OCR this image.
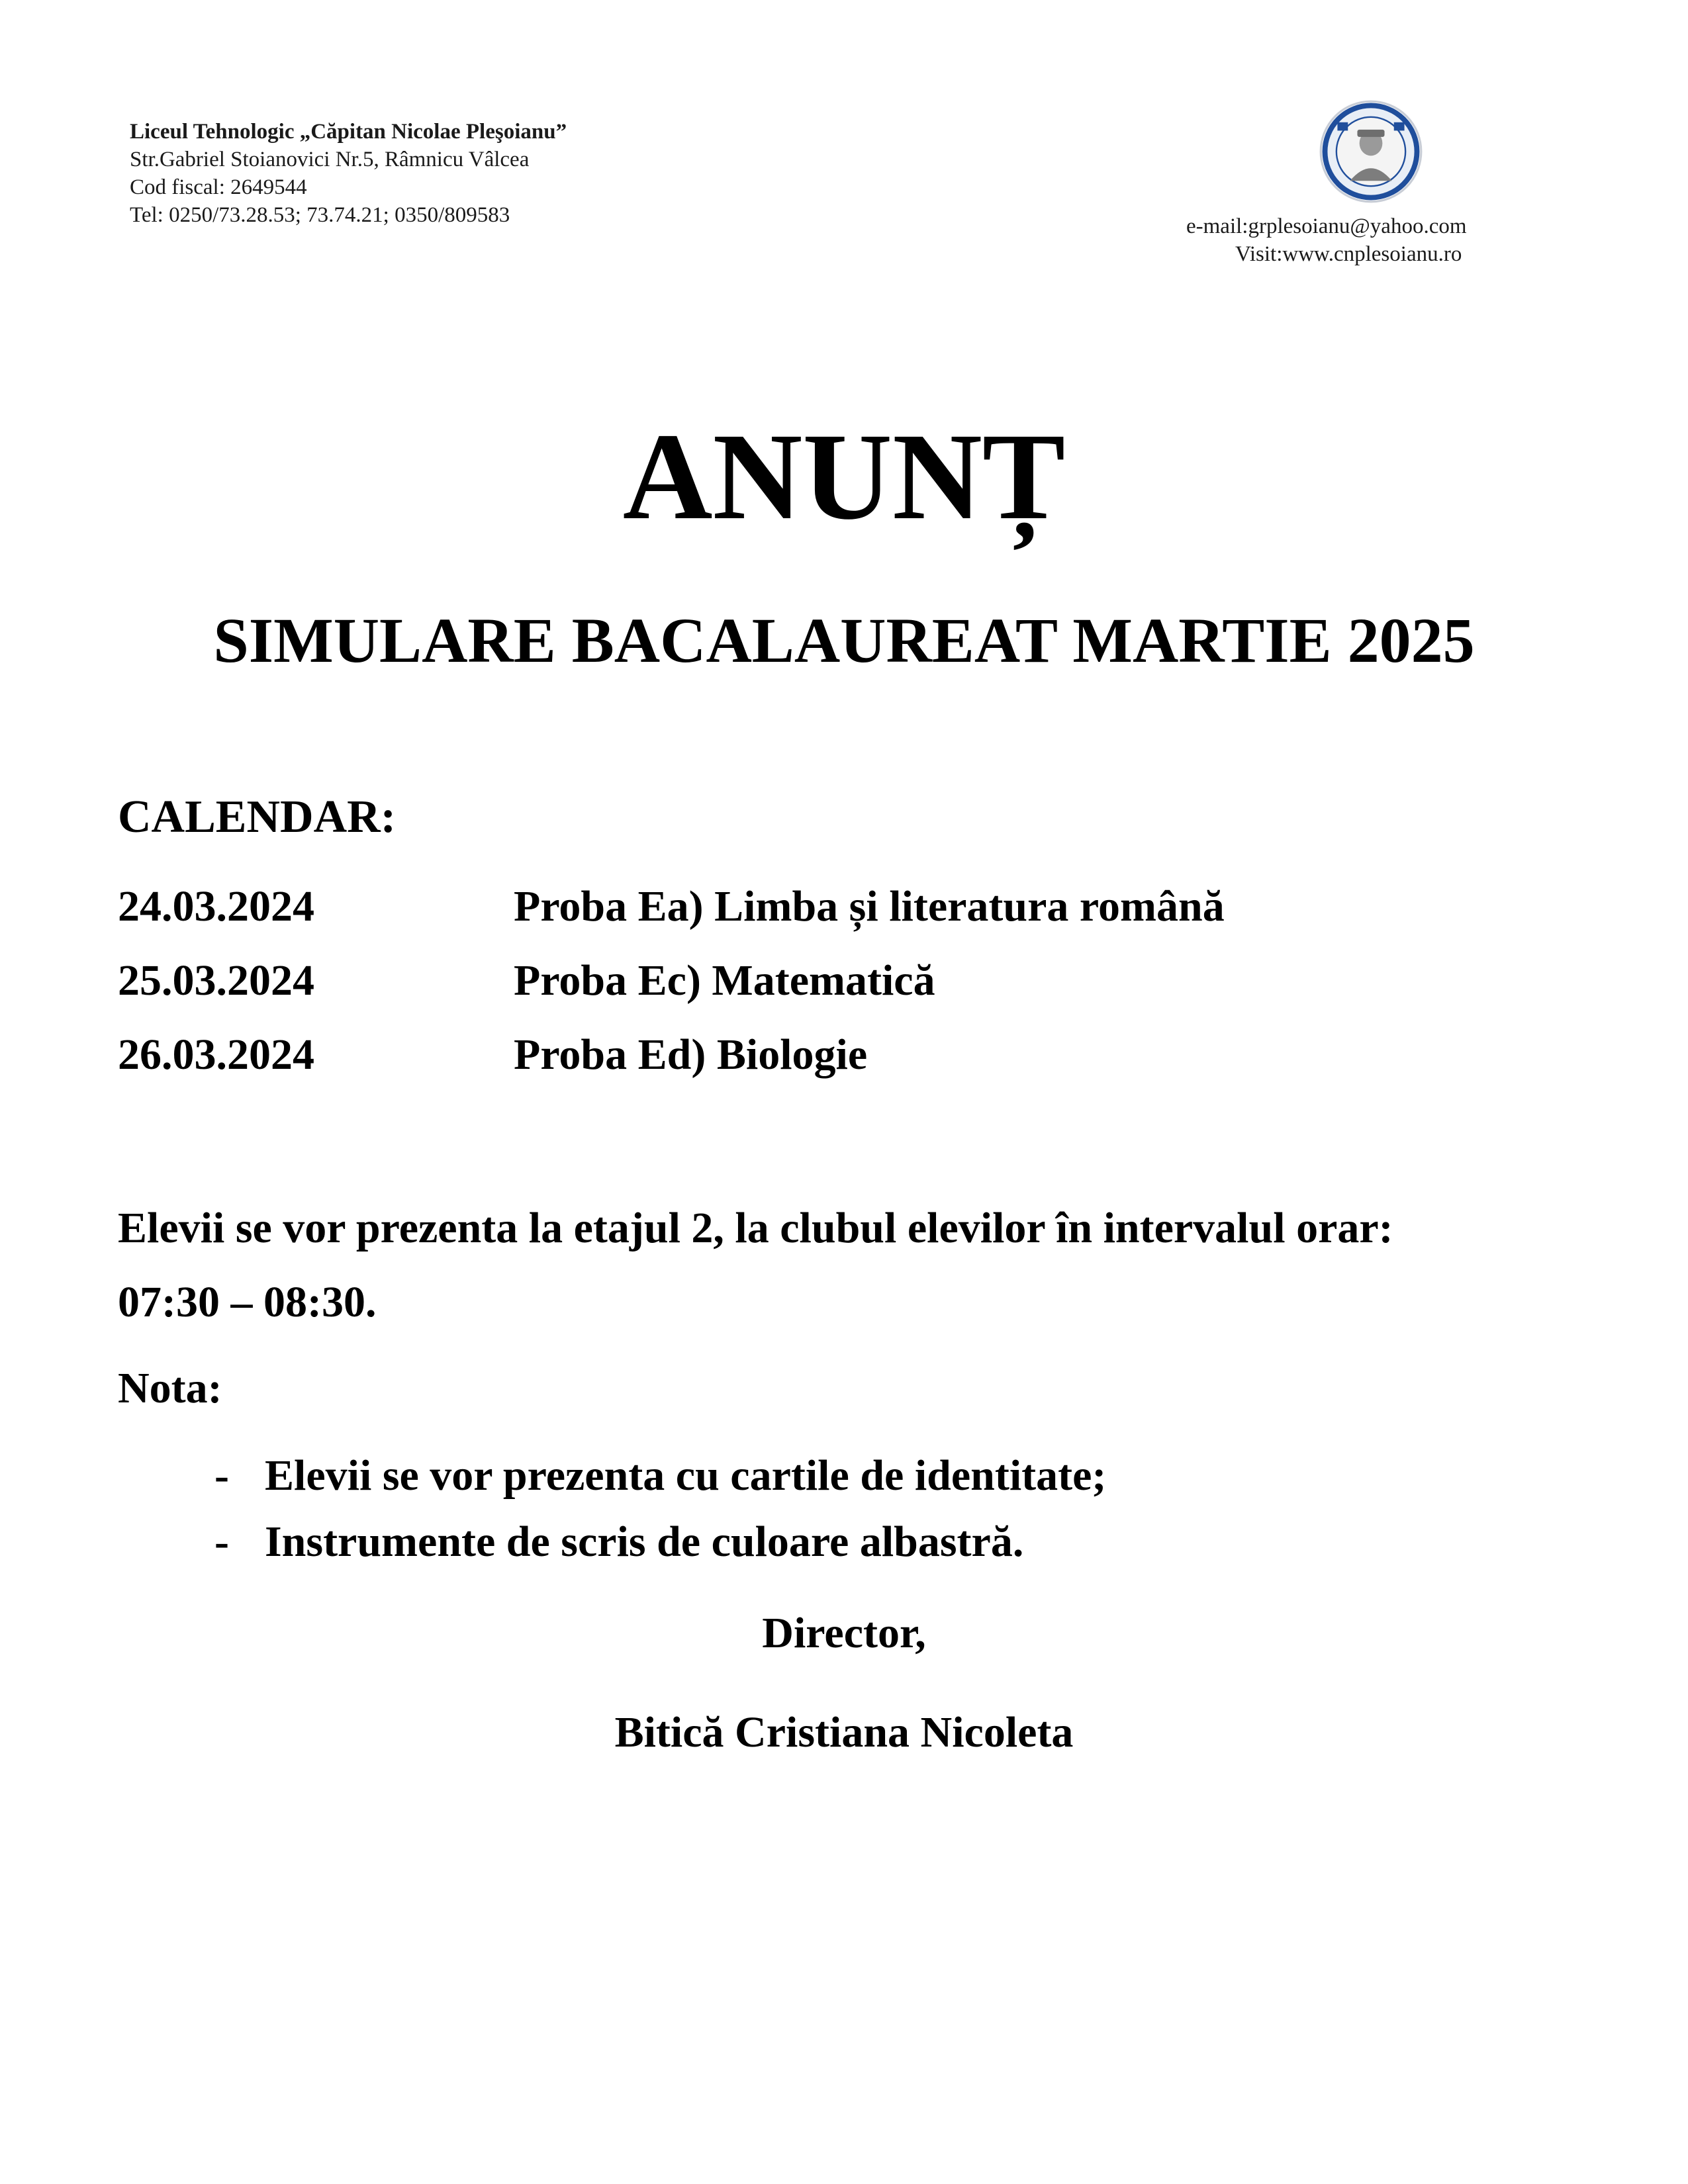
Liceul Tehnologic „Căpitan Nicolae Pleşoianu”
Str.Gabriel Stoianovici Nr.5, Râmnicu Vâlcea
Cod fiscal: 2649544
Tel: 0250/73.28.53; 73.74.21; 0350/809583	e-mail:grplesoianu@yahoo.com
Visit:www.cnplesoianu.ro
ANUNȚ
SIMULARE BACALAUREAT MARTIE 2025
CALENDAR:
24.03.2024	Proba Ea) Limba și literatura română
25.03.2024	Proba Ec) Matematică
26.03.2024	Proba Ed) Biologie
Elevii se vor prezenta la etajul 2, la clubul elevilor în intervalul orar:
07:30 – 08:30.
Nota:
- Elevii se vor prezenta cu cartile de identitate;
- Instrumente de scris de culoare albastră.
Director,
Bitică Cristiana Nicoleta
